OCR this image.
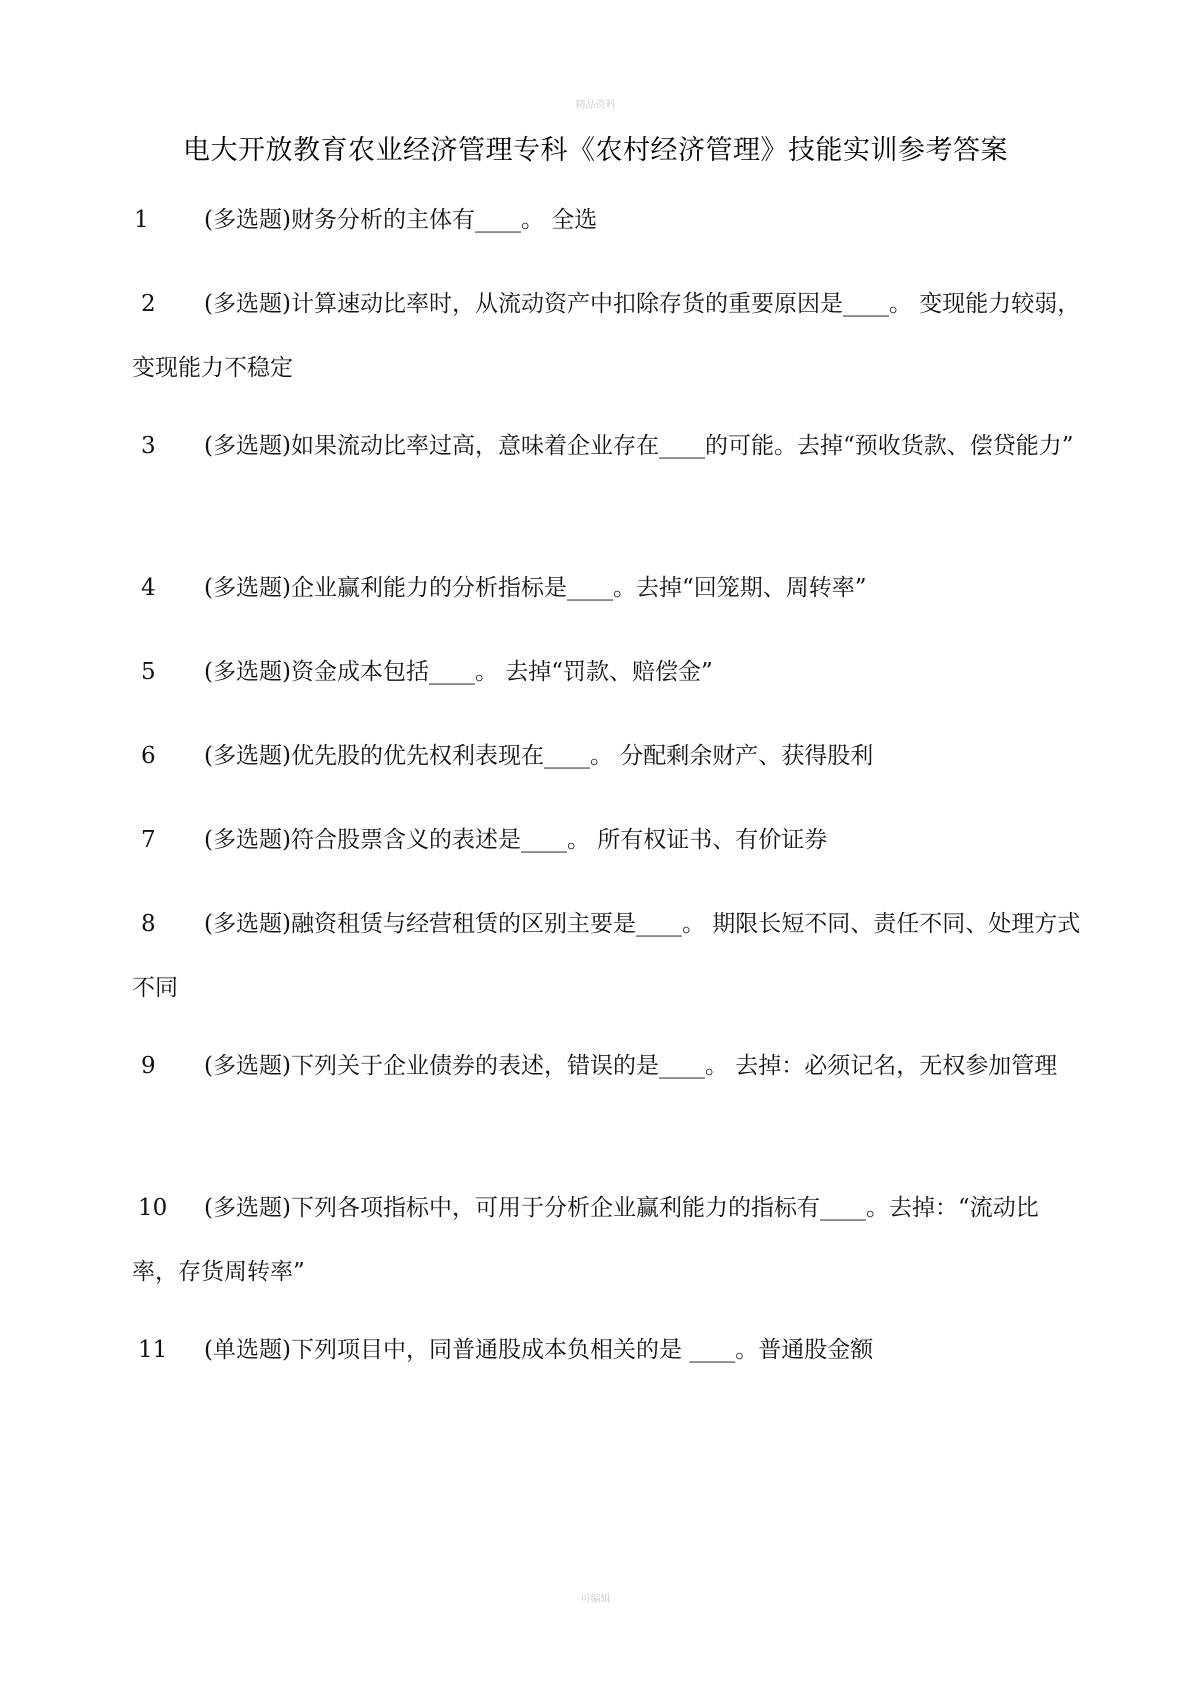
精品资料
电大开放教育农业经济管理专科《农村经济管理》技能实训参考答案
1 (多选题)财务分析的主体有____。 全选
2 (多选题)计算速动比率时，从流动资产中扣除存货的重要原因是____。 变现能力较弱，变现能力不稳定
3 (多选题)如果流动比率过高，意味着企业存在____的可能。去掉“预收货款、偿贷能力”
4 (多选题)企业赢利能力的分析指标是____。去掉“回笼期、周转率”
5 (多选题)资金成本包括____。 去掉“罚款、赔偿金”
6 (多选题)优先股的优先权利表现在____。 分配剩余财产、获得股利
7 (多选题)符合股票含义的表述是____。 所有权证书、有价证券
8 (多选题)融资租赁与经营租赁的区别主要是____。 期限长短不同、责任不同、处理方式不同
9 (多选题)下列关于企业债券的表述，错误的是____。 去掉：必须记名，无权参加管理
10 (多选题)下列各项指标中，可用于分析企业赢利能力的指标有____。去掉：“流动比率，存货周转率”
11 (单选题)下列项目中，同普通股成本负相关的是 ____。普通股金额
可编辑
